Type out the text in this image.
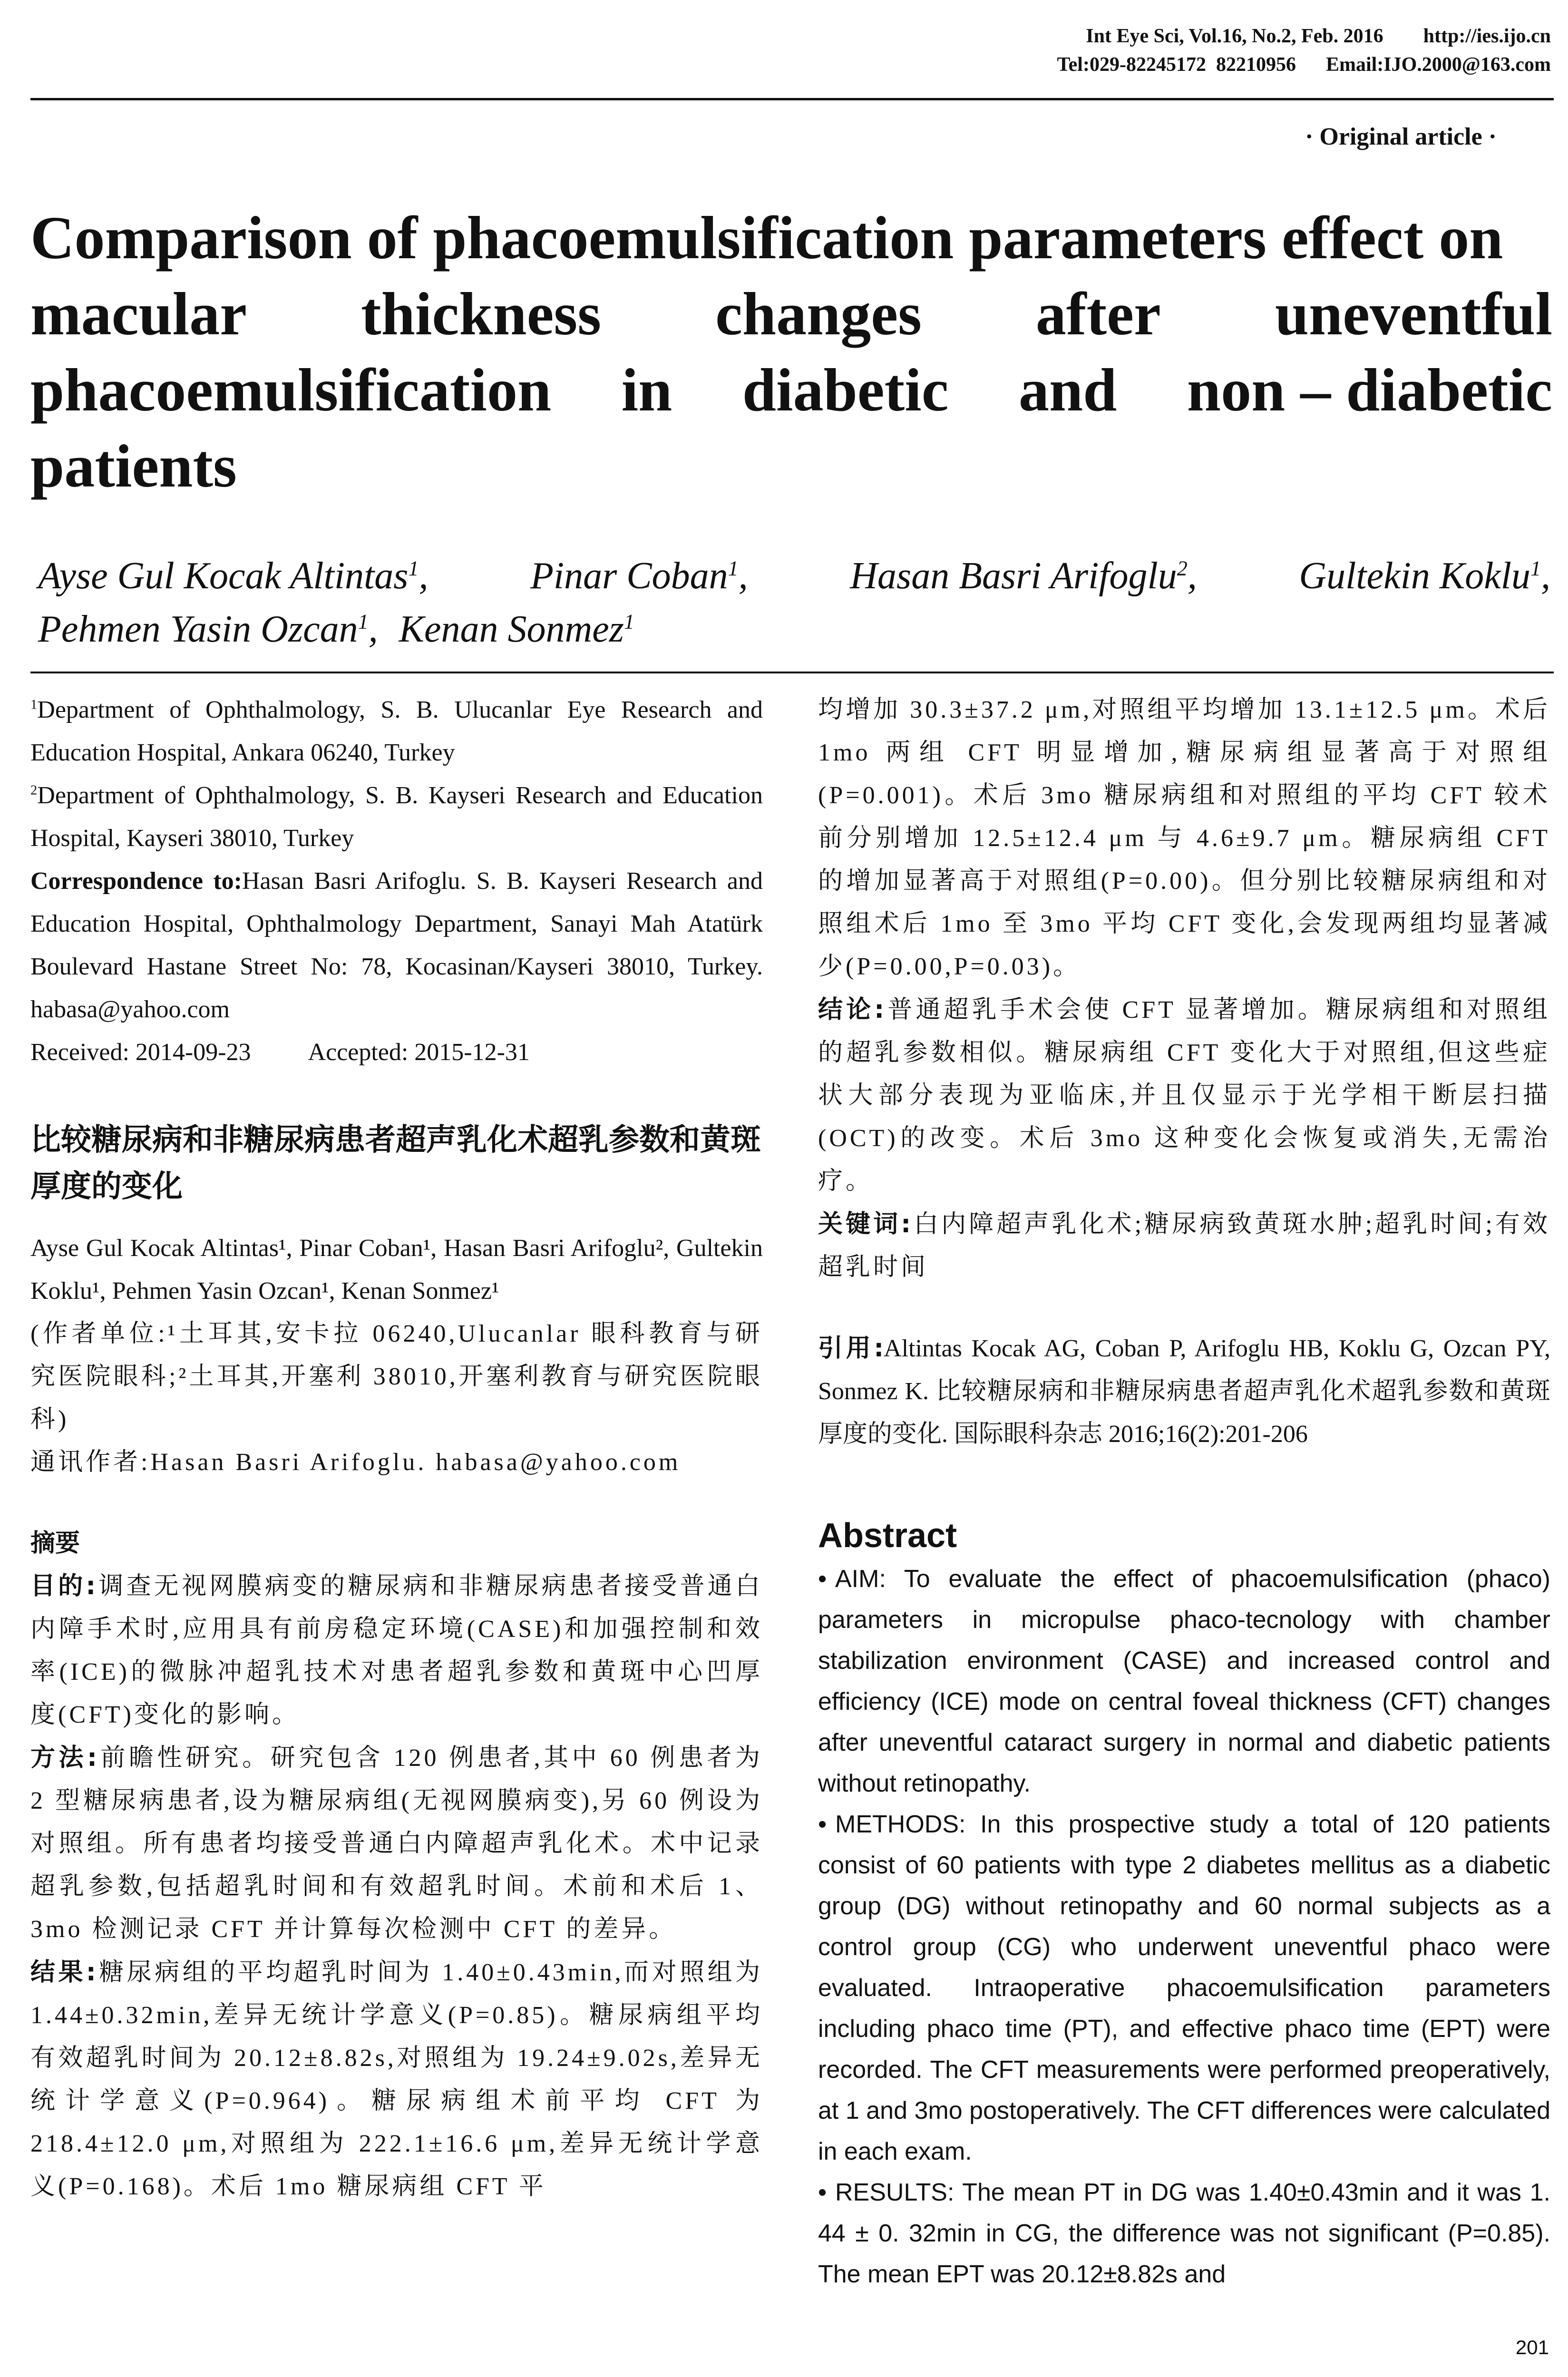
Int Eye Sci, Vol.16, No.2, Feb. 2016 http://ies.ijo.cn
Tel:029-82245172  82210956 Email:IJO.2000@163.com
· Original article ·
Comparison of phacoemulsification parameters effect on
macular thickness changes after uneventful
phacoemulsification in diabetic and non – diabetic
patients
Ayse Gul Kocak Altintas$^1$,	Pinar Coban$^1$,	Hasan Basri Arifoglu$^2$,	Gultekin Koklu$^1$,
Pehmen Yasin Ozcan$^1$, Kenan Sonmez$^1$

$^1$Department of Ophthalmology, S. B. Ulucanlar Eye Research and Education Hospital, Ankara 06240, Turkey

$^2$Department of Ophthalmology, S. B. Kayseri Research and Education Hospital, Kayseri 38010, Turkey

Correspondence to:Hasan Basri Arifoglu. S. B. Kayseri Research and Education Hospital, Ophthalmology Department, Sanayi Mah Atatürk Boulevard Hastane Street No: 78, Kocasinan/Kayseri 38010, Turkey. habasa@yahoo.com

Received: 2014-09-23 Accepted: 2015-12-31

比较糖尿病和非糖尿病患者超声乳化术超乳参数和黄斑厚度的变化

Ayse Gul Kocak Altintas¹, Pinar Coban¹, Hasan Basri Arifoglu², Gultekin Koklu¹, Pehmen Yasin Ozcan¹, Kenan Sonmez¹

(作者单位:¹土耳其,安卡拉 06240,Ulucanlar 眼科教育与研究医院眼科;²土耳其,开塞利 38010,开塞利教育与研究医院眼科)

通讯作者:Hasan Basri Arifoglu. habasa@yahoo.com

摘要

目的:调查无视网膜病变的糖尿病和非糖尿病患者接受普通白内障手术时,应用具有前房稳定环境(CASE)和加强控制和效率(ICE)的微脉冲超乳技术对患者超乳参数和黄斑中心凹厚度(CFT)变化的影响。

方法:前瞻性研究。研究包含 120 例患者,其中 60 例患者为 2 型糖尿病患者,设为糖尿病组(无视网膜病变),另 60 例设为对照组。所有患者均接受普通白内障超声乳化术。术中记录超乳参数,包括超乳时间和有效超乳时间。术前和术后 1、3mo 检测记录 CFT 并计算每次检测中 CFT 的差异。

结果:糖尿病组的平均超乳时间为 1.40±0.43min,而对照组为 1.44±0.32min,差异无统计学意义(P=0.85)。糖尿病组平均有效超乳时间为 20.12±8.82s,对照组为 19.24±9.02s,差异无统计学意义(P=0.964)。糖尿病组术前平均 CFT 为 218.4±12.0 μm,对照组为 222.1±16.6 μm,差异无统计学意义(P=0.168)。术后 1mo 糖尿病组 CFT 平

均增加 30.3±37.2 μm,对照组平均增加 13.1±12.5 μm。术后 1mo 两组 CFT 明显增加,糖尿病组显著高于对照组(P=0.001)。术后 3mo 糖尿病组和对照组的平均 CFT 较术前分别增加 12.5±12.4 μm 与 4.6±9.7 μm。糖尿病组 CFT 的增加显著高于对照组(P=0.00)。但分别比较糖尿病组和对照组术后 1mo 至 3mo 平均 CFT 变化,会发现两组均显著减少(P=0.00,P=0.03)。

结论:普通超乳手术会使 CFT 显著增加。糖尿病组和对照组的超乳参数相似。糖尿病组 CFT 变化大于对照组,但这些症状大部分表现为亚临床,并且仅显示于光学相干断层扫描(OCT)的改变。术后 3mo 这种变化会恢复或消失,无需治疗。

关键词:白内障超声乳化术;糖尿病致黄斑水肿;超乳时间;有效超乳时间

引用:Altintas Kocak AG, Coban P, Arifoglu HB, Koklu G, Ozcan PY, Sonmez K. 比较糖尿病和非糖尿病患者超声乳化术超乳参数和黄斑厚度的变化. 国际眼科杂志 2016;16(2):201-206

Abstract

• AIM: To evaluate the effect of phacoemulsification (phaco) parameters in micropulse phaco-tecnology with chamber stabilization environment (CASE) and increased control and efficiency (ICE) mode on central foveal thickness (CFT) changes after uneventful cataract surgery in normal and diabetic patients without retinopathy.

• METHODS: In this prospective study a total of 120 patients consist of 60 patients with type 2 diabetes mellitus as a diabetic group (DG) without retinopathy and 60 normal subjects as a control group (CG) who underwent uneventful phaco were evaluated. Intraoperative phacoemulsification parameters including phaco time (PT), and effective phaco time (EPT) were recorded. The CFT measurements were performed preoperatively, at 1 and 3mo postoperatively. The CFT differences were calculated in each exam.

• RESULTS: The mean PT in DG was 1.40±0.43min and it was 1. 44 ± 0. 32min in CG, the difference was not significant (P=0.85). The mean EPT was 20.12±8.82s and

201
